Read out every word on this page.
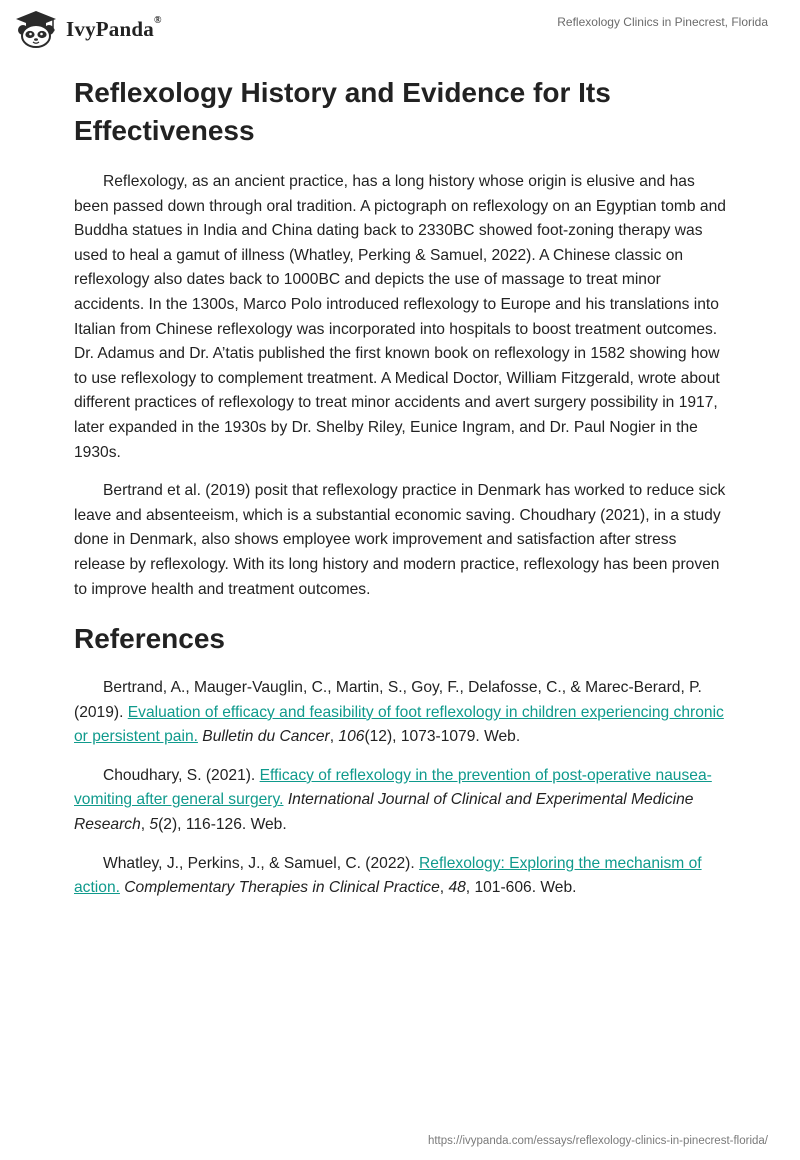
IvyPanda®	Reflexology Clinics in Pinecrest, Florida
Reflexology History and Evidence for Its Effectiveness

Reflexology, as an ancient practice, has a long history whose origin is elusive and has been passed down through oral tradition. A pictograph on reflexology on an Egyptian tomb and Buddha statues in India and China dating back to 2330BC showed foot-zoning therapy was used to heal a gamut of illness (Whatley, Perking & Samuel, 2022). A Chinese classic on reflexology also dates back to 1000BC and depicts the use of massage to treat minor accidents. In the 1300s, Marco Polo introduced reflexology to Europe and his translations into Italian from Chinese reflexology was incorporated into hospitals to boost treatment outcomes. Dr. Adamus and Dr. A’tatis published the first known book on reflexology in 1582 showing how to use reflexology to complement treatment. A Medical Doctor, William Fitzgerald, wrote about different practices of reflexology to treat minor accidents and avert surgery possibility in 1917, later expanded in the 1930s by Dr. Shelby Riley, Eunice Ingram, and Dr. Paul Nogier in the 1930s.

Bertrand et al. (2019) posit that reflexology practice in Denmark has worked to reduce sick leave and absenteeism, which is a substantial economic saving. Choudhary (2021), in a study done in Denmark, also shows employee work improvement and satisfaction after stress release by reflexology. With its long history and modern practice, reflexology has been proven to improve health and treatment outcomes.

References

Bertrand, A., Mauger-Vauglin, C., Martin, S., Goy, F., Delafosse, C., & Marec-Berard, P. (2019). Evaluation of efficacy and feasibility of foot reflexology in children experiencing chronic or persistent pain. Bulletin du Cancer, 106(12), 1073-1079. Web.

Choudhary, S. (2021). Efficacy of reflexology in the prevention of post-operative nausea-vomiting after general surgery. International Journal of Clinical and Experimental Medicine Research, 5(2), 116-126. Web.

Whatley, J., Perkins, J., & Samuel, C. (2022). Reflexology: Exploring the mechanism of action. Complementary Therapies in Clinical Practice, 48, 101-606. Web.

https://ivypanda.com/essays/reflexology-clinics-in-pinecrest-florida/
